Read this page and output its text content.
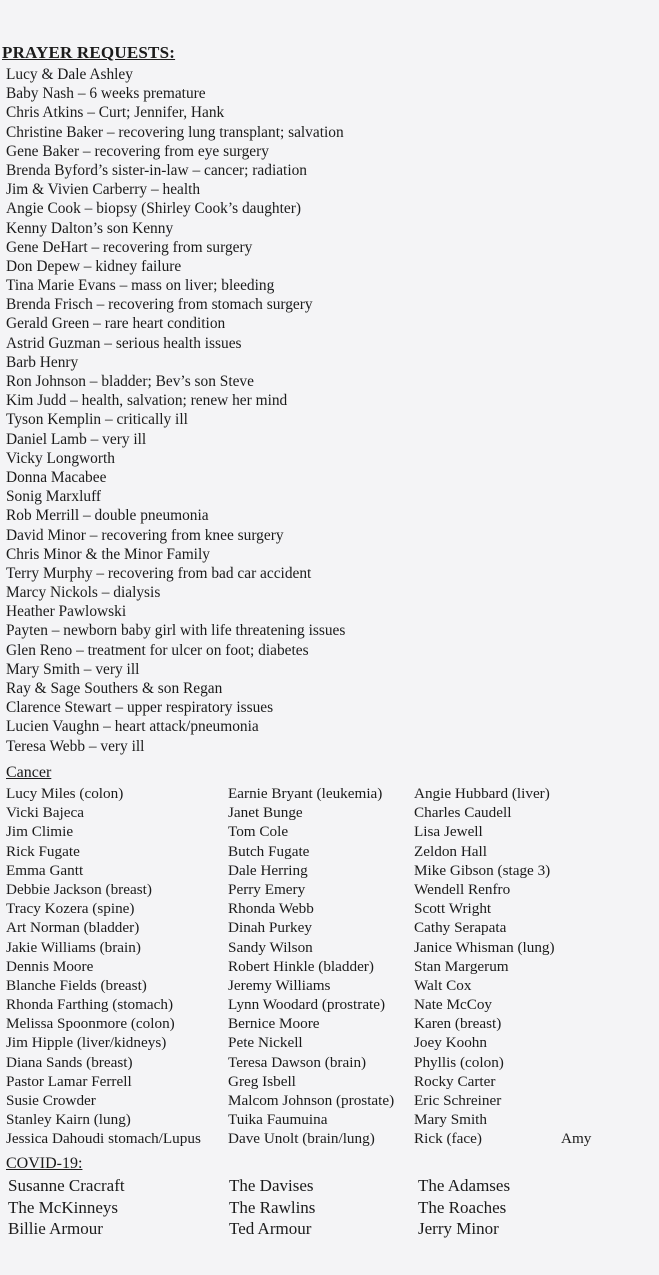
PRAYER REQUESTS:
Lucy & Dale Ashley
Baby Nash – 6 weeks premature
Chris Atkins – Curt; Jennifer, Hank
Christine Baker – recovering lung transplant; salvation
Gene Baker – recovering from eye surgery
Brenda Byford’s sister-in-law – cancer; radiation
Jim & Vivien Carberry – health
Angie Cook – biopsy (Shirley Cook’s daughter)
Kenny Dalton’s son Kenny
Gene DeHart – recovering from surgery
Don Depew – kidney failure
Tina Marie Evans – mass on liver; bleeding
Brenda Frisch – recovering from stomach surgery
Gerald Green – rare heart condition
Astrid Guzman – serious health issues
Barb Henry
Ron Johnson – bladder; Bev’s son Steve
Kim Judd – health, salvation; renew her mind
Tyson Kemplin – critically ill
Daniel Lamb – very ill
Vicky Longworth
Donna Macabee
Sonig Marxluff
Rob Merrill – double pneumonia
David Minor – recovering from knee surgery
Chris Minor & the Minor Family
Terry Murphy – recovering from bad car accident
Marcy Nickols – dialysis
Heather Pawlowski
Payten – newborn baby girl with life threatening issues
Glen Reno – treatment for ulcer on foot; diabetes
Mary Smith – very ill
Ray & Sage Southers & son Regan
Clarence Stewart – upper respiratory issues
Lucien Vaughn – heart attack/pneumonia
Teresa Webb – very ill
Cancer
Lucy Miles (colon)	Earnie Bryant (leukemia) Angie Hubbard (liver)
Vicki Bajeca	Janet Bunge	Charles Caudell
Jim Climie	Tom Cole	Lisa Jewell
Rick Fugate	Butch Fugate	Zeldon Hall
Emma Gantt	Dale Herring	Mike Gibson (stage 3)
Debbie Jackson (breast)	Perry Emery	Wendell Renfro
Tracy Kozera (spine)	Rhonda Webb	Scott Wright
Art Norman (bladder)	Dinah Purkey	Cathy Serapata
Jakie Williams (brain)	Sandy Wilson	Janice Whisman (lung)
Dennis Moore	Robert Hinkle (bladder)	Stan Margerum
Blanche Fields (breast)	Jeremy Williams	Walt Cox
Rhonda Farthing (stomach)	Lynn Woodard (prostrate) Nate McCoy
Melissa Spoonmore (colon)	Bernice Moore	Karen (breast)
Jim Hipple (liver/kidneys)	Pete Nickell	Joey Koohn
Diana Sands (breast)	Teresa Dawson (brain)	Phyllis (colon)
Pastor Lamar Ferrell	Greg Isbell	Rocky Carter
Susie Crowder	Malcom Johnson (prostate) Eric Schreiner
Stanley Kairn (lung)	Tuika Faumuina	Mary Smith
Jessica Dahoudi stomach/Lupus Dave Unolt (brain/lung)	Rick (face)	Amy
COVID-19:
Susanne Cracraft	The Davises	The Adamses
The McKinneys	The Rawlins	The Roaches
Billie Armour	Ted Armour	Jerry Minor
